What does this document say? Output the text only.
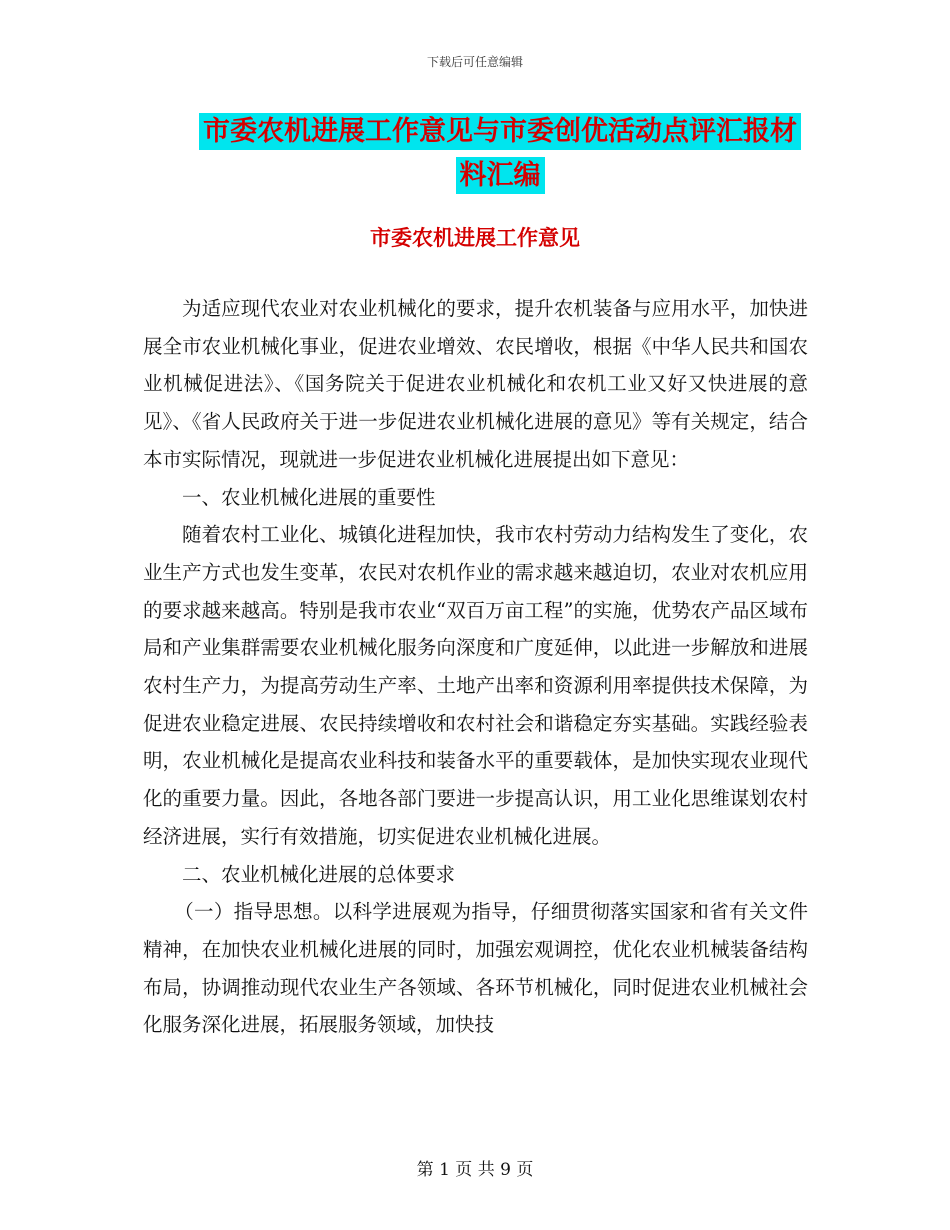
下载后可任意编辑
市委农机进展工作意见与市委创优活动点评汇报材料汇编
市委农机进展工作意见

为适应现代农业对农业机械化的要求，提升农机装备与应用水平，加快进展全市农业机械化事业，促进农业增效、农民增收，根据《中华人民共和国农业机械促进法》、《国务院关于促进农业机械化和农机工业又好又快进展的意见》、《省人民政府关于进一步促进农业机械化进展的意见》等有关规定，结合本市实际情况，现就进一步促进农业机械化进展提出如下意见：

一、农业机械化进展的重要性

随着农村工业化、城镇化进程加快，我市农村劳动力结构发生了变化，农业生产方式也发生变革，农民对农机作业的需求越来越迫切，农业对农机应用的要求越来越高。特别是我市农业“双百万亩工程”的实施，优势农产品区域布局和产业集群需要农业机械化服务向深度和广度延伸，以此进一步解放和进展农村生产力，为提高劳动生产率、土地产出率和资源利用率提供技术保障，为促进农业稳定进展、农民持续增收和农村社会和谐稳定夯实基础。实践经验表明，农业机械化是提高农业科技和装备水平的重要载体，是加快实现农业现代化的重要力量。因此，各地各部门要进一步提高认识，用工业化思维谋划农村经济进展，实行有效措施，切实促进农业机械化进展。

二、农业机械化进展的总体要求

（一）指导思想。以科学进展观为指导，仔细贯彻落实国家和省有关文件精神，在加快农业机械化进展的同时，加强宏观调控，优化农业机械装备结构布局，协调推动现代农业生产各领域、各环节机械化，同时促进农业机械社会化服务深化进展，拓展服务领域，加快技

第 1 页 共 9 页
